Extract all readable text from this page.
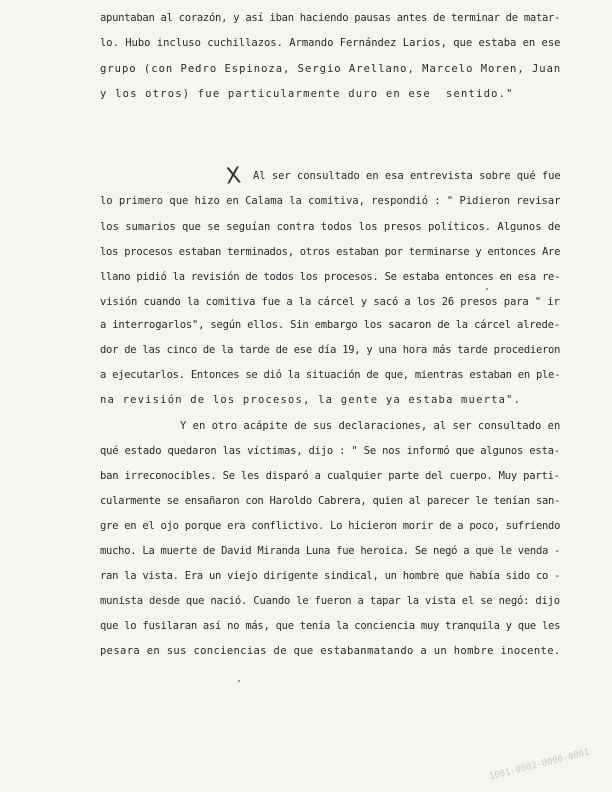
apuntaban al corazón, y así iban haciendo pausas antes de terminar de matar-
lo. Hubo incluso cuchillazos. Armando Fernández Larios, que estaba en ese
grupo (con Pedro Espinoza, Sergio Arellano, Marcelo Moren, Juan
y los otros) fue particularmente duro en ese  sentido."
X Al ser consultado en esa entrevista sobre qué fue
lo primero que hizo en Calama la comitiva, respondió : " Pidieron revisar
los sumarios que se seguían contra todos los presos políticos. Algunos de
los procesos estaban terminados, otros estaban por terminarse y entonces Are
llano pidió la revisión de todos los procesos. Se estaba entonces en esa re-
visión cuando la comitiva fue a la cárcel y sacó a los 26 presos para " ir
a interrogarlos", según ellos. Sin embargo los sacaron de la cárcel alrede-
dor de las cinco de la tarde de ese día 19, y una hora más tarde procedieron
a ejecutarlos. Entonces se dió la situación de que, mientras estaban en ple-
na revisión de los procesos, la gente ya estaba muerta".
Y en otro acápite de sus declaraciones, al ser consultado en
qué estado quedaron las víctimas, dijo : " Se nos informó que algunos esta-
ban irreconocibles. Se les disparó a cualquier parte del cuerpo. Muy parti-
cularmente se ensañaron con Haroldo Cabrera, quien al parecer le tenían san-
gre en el ojo porque era conflictivo. Lo hicieron morir de a poco, sufriendo
mucho. La muerte de David Miranda Luna fue heroica. Se negó a que le venda -
ran la vista. Era un viejo dirigente sindical, un hombre que había sido co -
munista desde que nació. Cuando le fueron a tapar la vista el se negó: dijo
que lo fusilaran así no más, que tenía la conciencia muy tranquila y que les
pesara en sus conciencias de que estabanmatando a un hombre inocente.
1001-0002-0000-0001
